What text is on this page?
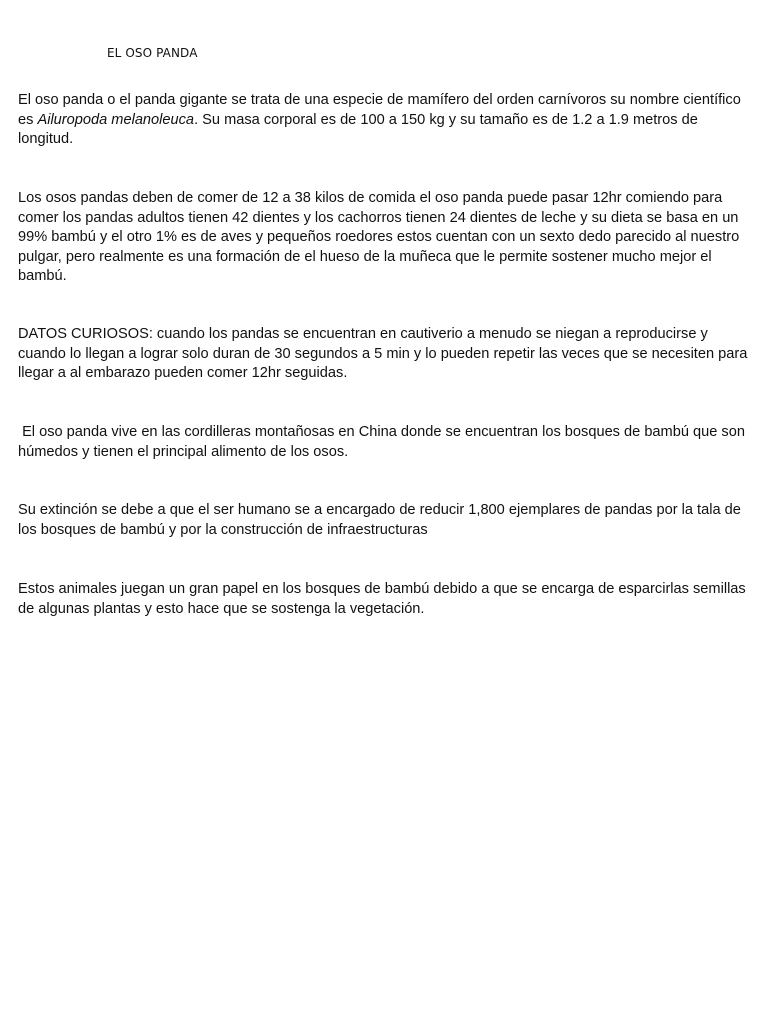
EL OSO PANDA

El oso panda o el panda gigante se trata de una especie de mamífero del orden carnívoros su nombre científico es Ailuropoda melanoleuca. Su masa corporal es de 100 a 150 kg y su tamaño es de 1.2 a 1.9 metros de longitud.

Los osos pandas deben de comer de 12 a 38 kilos de comida el oso panda puede pasar 12hr comiendo para comer los pandas adultos tienen 42 dientes y los cachorros tienen 24 dientes de leche y su dieta se basa en un 99% bambú y el otro 1% es de aves y pequeños roedores estos cuentan con un sexto dedo parecido al nuestro pulgar, pero realmente es una formación de el hueso de la muñeca que le permite sostener mucho mejor el bambú.

DATOS CURIOSOS: cuando los pandas se encuentran en cautiverio a menudo se niegan a reproducirse y cuando lo llegan a lograr solo duran de 30 segundos a 5 min y lo pueden repetir las veces que se necesiten para llegar a al embarazo pueden comer 12hr seguidas.

El oso panda vive en las cordilleras montañosas en China donde se encuentran los bosques de bambú que son húmedos y tienen el principal alimento de los osos.

Su extinción se debe a que el ser humano se a encargado de reducir 1,800 ejemplares de pandas por la tala de los bosques de bambú y por la construcción de infraestructuras

Estos animales juegan un gran papel en los bosques de bambú debido a que se encarga de esparcirlas semillas de algunas plantas y esto hace que se sostenga la vegetación.
